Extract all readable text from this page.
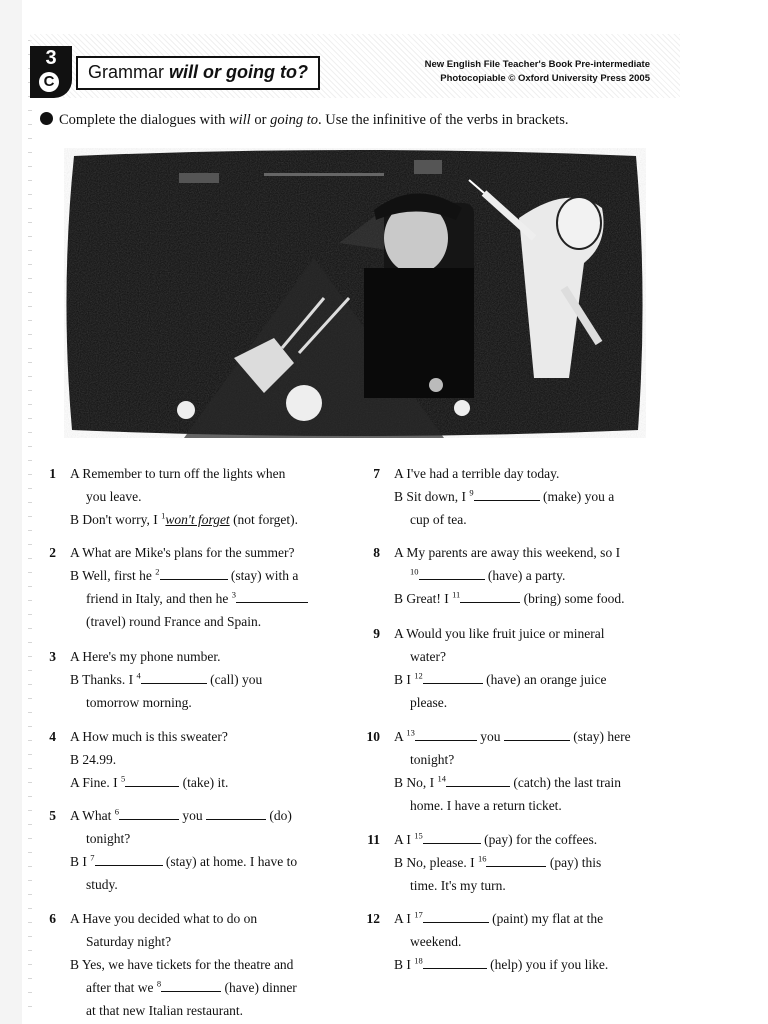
3
C	Grammar will or going to?	New English File Teacher's Book Pre-intermediate
Photocopiable © Oxford University Press 2005
Complete the dialogues with will or going to. Use the infinitive of the verbs in brackets.
1 A Remember to turn off the lights when
you leave.
B Don't worry, I $^1$won't forget (not forget).
2 A What are Mike's plans for the summer?
B Well, first he $^2$	(stay) with a
friend in Italy, and then he $^3$
(travel) round France and Spain.
3 A Here's my phone number.
B Thanks. I $^4$	(call) you
tomorrow morning.
4 A How much is this sweater?
B 24.99.
A Fine. I $^5$	(take) it.
5 A What $^6$	you	(do)
tonight?
B I $^7$	(stay) at home. I have to
study.
6 A Have you decided what to do on
Saturday night?
B Yes, we have tickets for the theatre and
after that we $^8$	(have) dinner
at that new Italian restaurant.
7 A I've had a terrible day today.
B Sit down, I $^9$	(make) you a
cup of tea.
8 A My parents are away this weekend, so I
$^{10}$	(have) a party.
B Great! I $^{11}$	(bring) some food.
9 A Would you like fruit juice or mineral
water?
B I $^{12}$	(have) an orange juice
please.
10 A $^{13}$	you	(stay) here
tonight?
B No, I $^{14}$	(catch) the last train
home. I have a return ticket.
11 A I $^{15}$	(pay) for the coffees.
B No, please. I $^{16}$	(pay) this
time. It's my turn.
12 A I $^{17}$	(paint) my flat at the
weekend.
B I $^{18}$	(help) you if you like.
